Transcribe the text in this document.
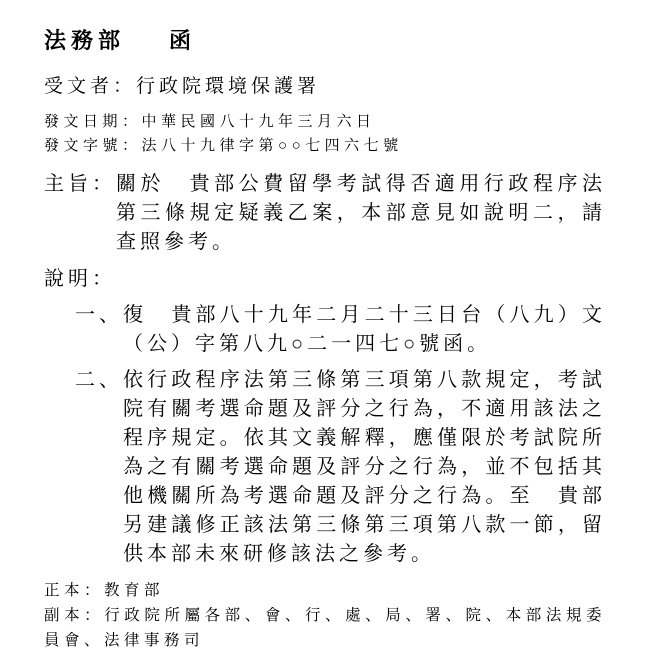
法務部 函
受文者：行政院環境保護署
發文日期：中華民國八十九年三月六日
發文字號：法八十九律字第○○七四六七號
主旨： 關於　貴部公費留學考試得否適用行政程序法第三條規定疑義乙案，本部意見如說明二，請查照參考。
說明：
一、 復　貴部八十九年二月二十三日台（八九）文（公）字第八九○二一四七○號函。
二、 依行政程序法第三條第三項第八款規定，考試院有關考選命題及評分之行為，不適用該法之程序規定。依其文義解釋，應僅限於考試院所為之有關考選命題及評分之行為，並不包括其他機關所為考選命題及評分之行為。至　貴部另建議修正該法第三條第三項第八款一節，留供本部未來研修該法之參考。
正本：教育部
副本：行政院所屬各部、會、行、處、局、署、院、本部法規委員會、法律事務司
